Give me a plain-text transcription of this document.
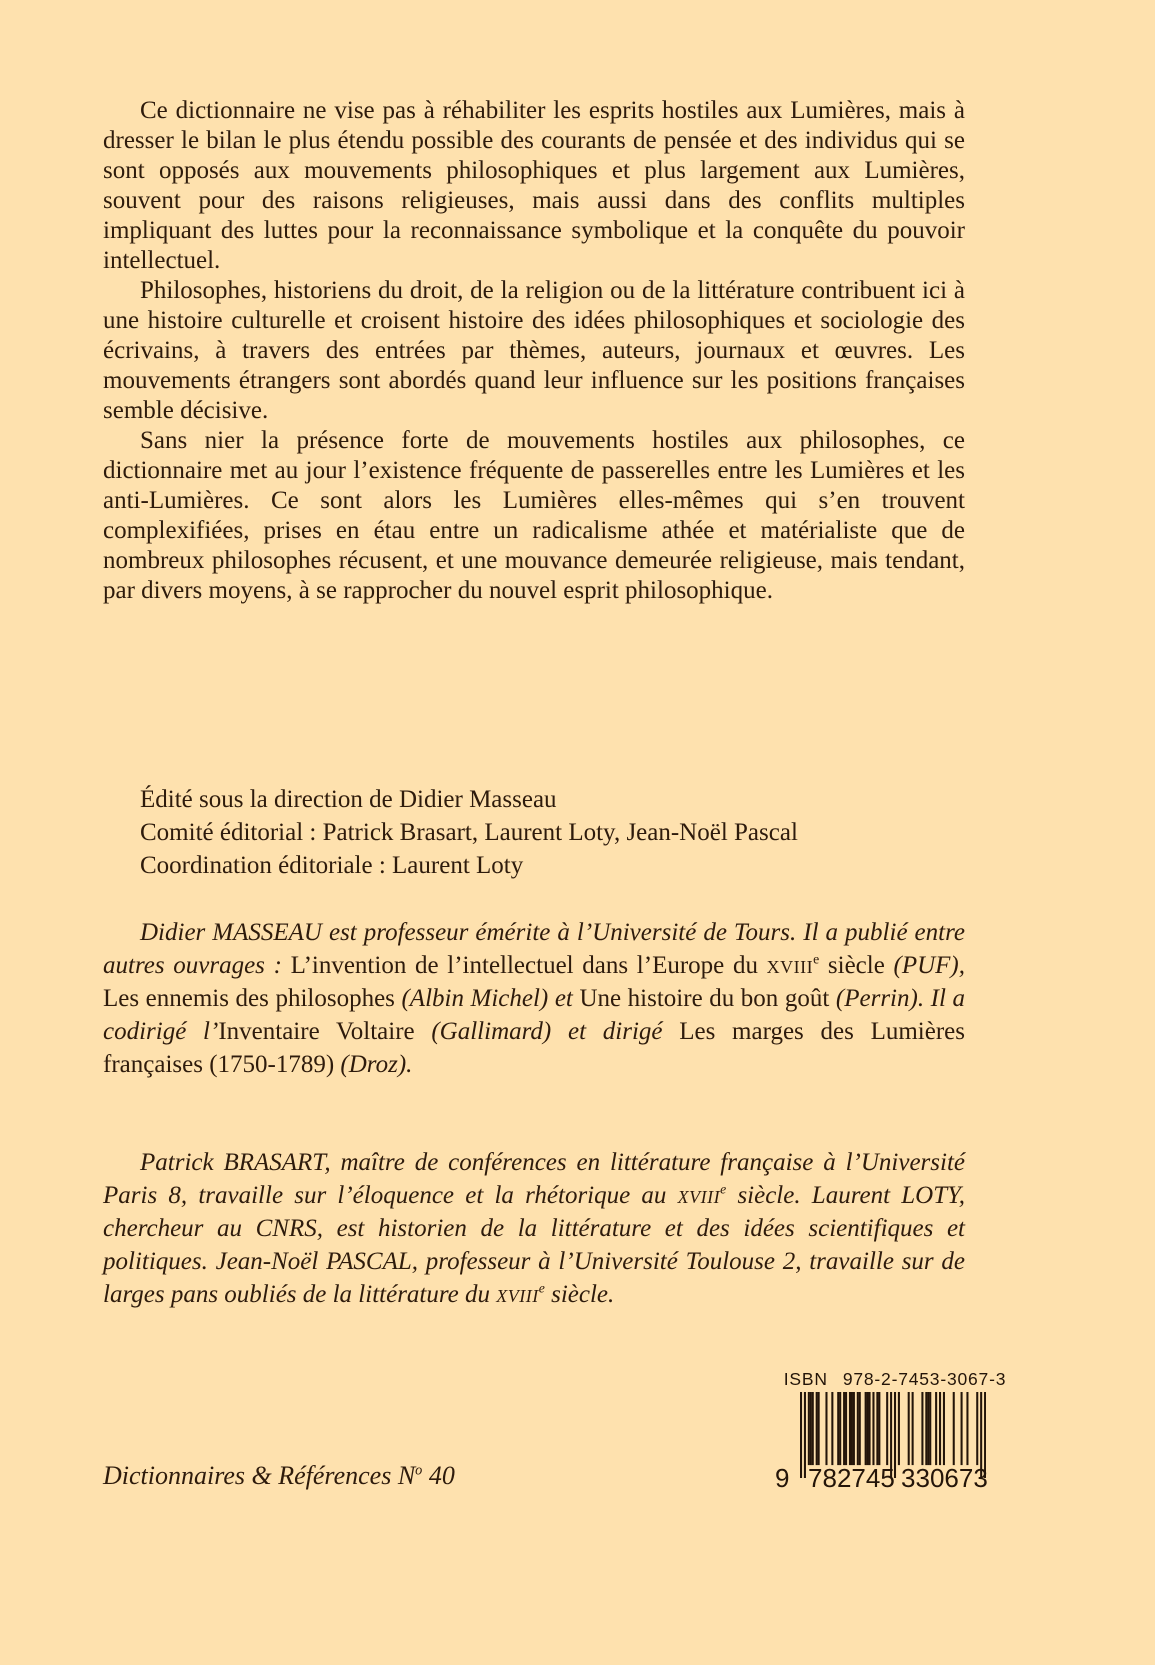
Ce dictionnaire ne vise pas à réhabiliter les esprits hostiles aux Lumières, mais à dresser le bilan le plus étendu possible des courants de pensée et des individus qui se sont opposés aux mouvements philosophiques et plus largement aux Lumières, souvent pour des raisons religieuses, mais aussi dans des conflits multiples impliquant des luttes pour la reconnaissance symbolique et la conquête du pouvoir intellectuel.

Philosophes, historiens du droit, de la religion ou de la littérature contribuent ici à une histoire culturelle et croisent histoire des idées philosophiques et sociologie des écrivains, à travers des entrées par thèmes, auteurs, journaux et œuvres. Les mouvements étrangers sont abordés quand leur influence sur les positions françaises semble décisive.

Sans nier la présence forte de mouvements hostiles aux philosophes, ce dictionnaire met au jour l’existence fréquente de passerelles entre les Lumières et les anti-Lumières. Ce sont alors les Lumières elles-mêmes qui s’en trouvent complexifiées, prises en étau entre un radicalisme athée et matérialiste que de nombreux philosophes récusent, et une mouvance demeurée religieuse, mais tendant, par divers moyens, à se rapprocher du nouvel esprit philosophique.

Édité sous la direction de Didier Masseau
Comité éditorial : Patrick Brasart, Laurent Loty, Jean-Noël Pascal
Coordination éditoriale : Laurent Loty

Didier MASSEAU est professeur émérite à l’Université de Tours. Il a publié entre autres ouvrages : L’invention de l’intellectuel dans l’Europe du xviii$^e$ siècle (PUF), Les ennemis des philosophes (Albin Michel) et Une histoire du bon goût (Perrin). Il a codirigé l’Inventaire Voltaire (Gallimard) et dirigé Les marges des Lumières françaises (1750-1789) (Droz).

Patrick BRASART, maître de conférences en littérature française à l’Université Paris 8, travaille sur l’éloquence et la rhétorique au xviii$^e$ siècle. Laurent LOTY, chercheur au CNRS, est historien de la littérature et des idées scientifiques et politiques. Jean-Noël PASCAL, professeur à l’Université Toulouse 2, travaille sur de larges pans oubliés de la littérature du xviii$^e$ siècle.

ISBN 978-2-7453-3067-3
9 7 8 2 7 4 5 3 3 0 6 7 3
Dictionnaires & Références $N^o$ 40
